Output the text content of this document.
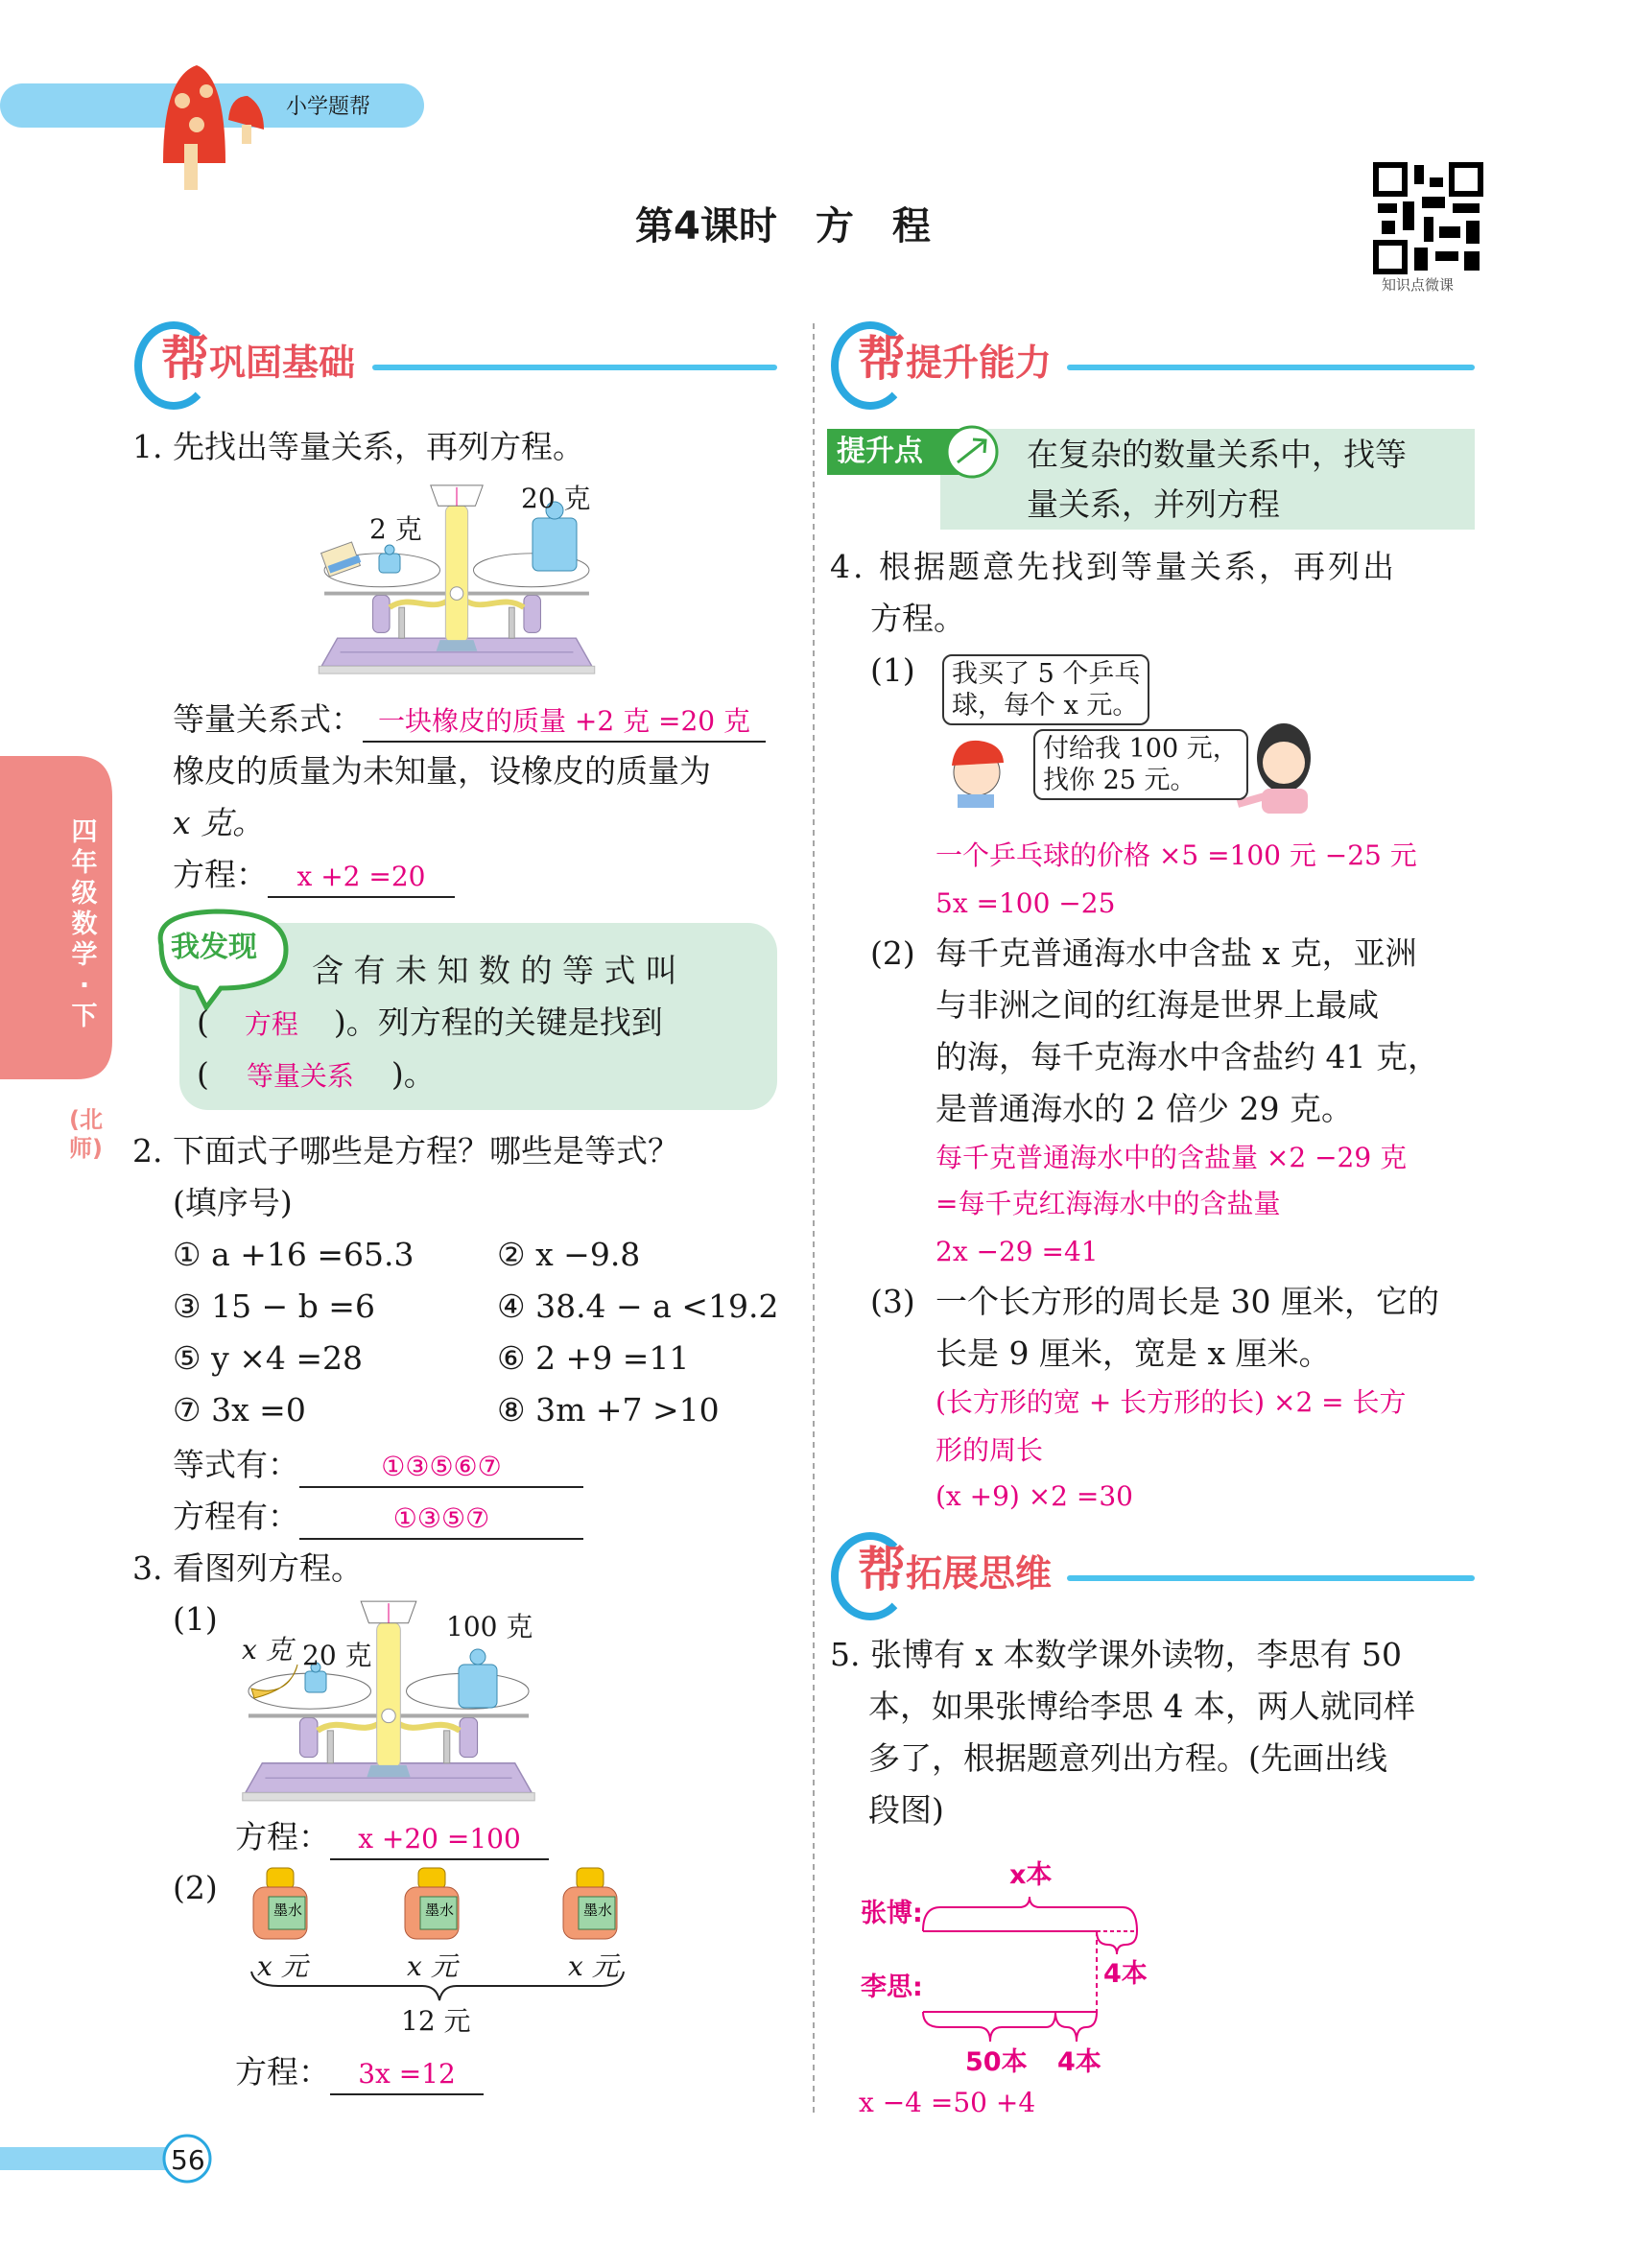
墨水	墨水	墨水	张博:
李思:
x本
4本
50本 4本
小学题帮
第4课时　方　程
知识点微课
四年级数学·下
(北师)
帮巩固基础	帮提升能力
帮拓展思维
1. 先找出等量关系，再列方程。
2 克
20 克
等量关系式： 一块橡皮的质量 +2 克 =20 克
橡皮的质量为未知量，设橡皮的质量为
x 克。
方程： x +2 =20
我发现
含 有 未 知 数 的 等 式 叫
( 方程 )。列方程的关键是找到
( 等量关系 )。
2. 下面式子哪些是方程？哪些是等式？
(填序号)
① a +16 =65.3	② x −9.8
③ 15 − b =6	④ 38.4 − a <19.2
⑤ y ×4 =28	⑥ 2 +9 =11
⑦ 3x =0	⑧ 3m +7 >10
等式有：	①③⑤⑥⑦
方程有：	①③⑤⑦
3. 看图列方程。
(1)
x 克 20 克
100 克
方程： x +20 =100
(2)
x 元	x 元	x 元
12 元
方程： 3x =12
提升点	在复杂的数量关系中，找等
量关系，并列方程
4. 根据题意先找到等量关系，再列出
方程。
(1) 我买了 5 个乒乓
球，每个 x 元。
付给我 100 元，
找你 25 元。
一个乒乓球的价格 ×5 =100 元 −25 元
5x =100 −25
(2) 每千克普通海水中含盐 x 克，亚洲
与非洲之间的红海是世界上最咸
的海，每千克海水中含盐约 41 克，
是普通海水的 2 倍少 29 克。
每千克普通海水中的含盐量 ×2 −29 克
=每千克红海海水中的含盐量
2x −29 =41
(3) 一个长方形的周长是 30 厘米，它的
长是 9 厘米，宽是 x 厘米。
(长方形的宽 + 长方形的长) ×2 = 长方
形的周长
(x +9) ×2 =30
5. 张博有 x 本数学课外读物，李思有 50
本，如果张博给李思 4 本，两人就同样
多了，根据题意列出方程。(先画出线
段图)
x −4 =50 +4
56
